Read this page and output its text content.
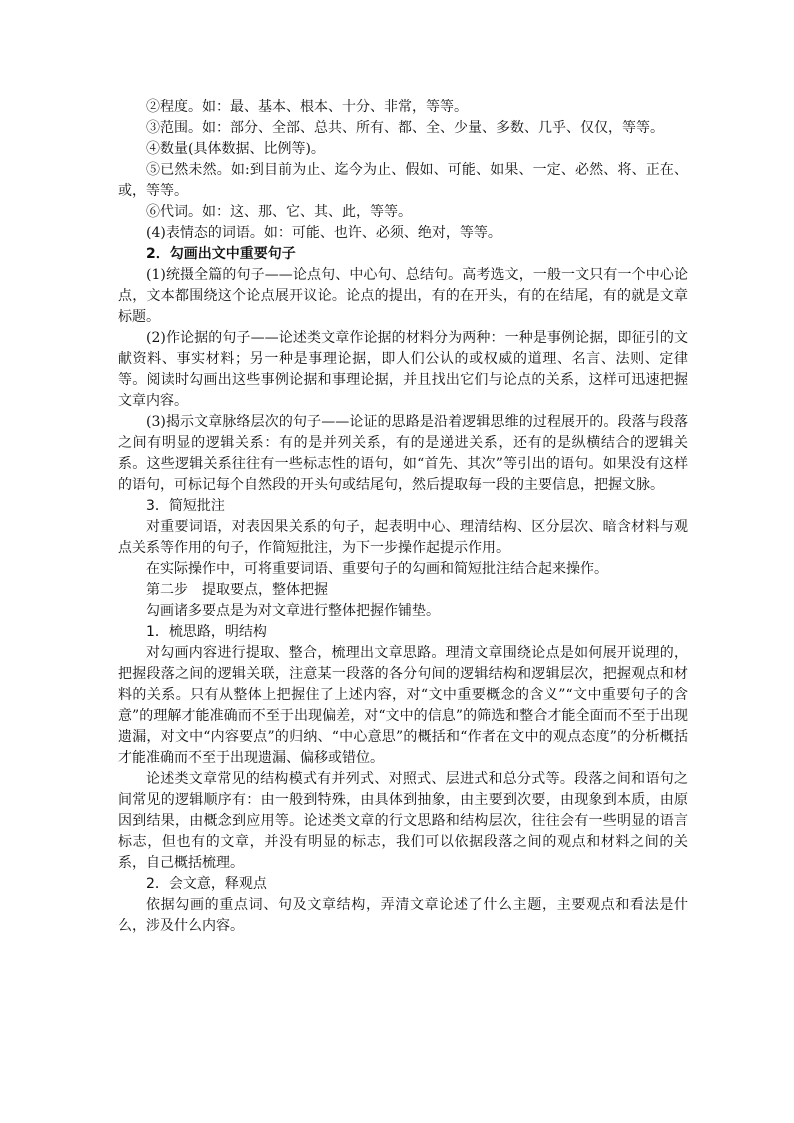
②程度。如：最、基本、根本、十分、非常，等等。

③范围。如：部分、全部、总共、所有、都、全、少量、多数、几乎、仅仅，等等。

④数量(具体数据、比例等)。

⑤已然未然。如:到目前为止、迄今为止、假如、可能、如果、一定、必然、将、正在、或，等等。

⑥代词。如：这、那、它、其、此，等等。

(4)表情态的词语。如：可能、也许、必须、绝对，等等。

2．勾画出文中重要句子

(1)统摄全篇的句子——论点句、中心句、总结句。高考选文，一般一文只有一个中心论点，文本都围绕这个论点展开议论。论点的提出，有的在开头，有的在结尾，有的就是文章标题。

(2)作论据的句子——论述类文章作论据的材料分为两种：一种是事例论据，即征引的文献资料、事实材料；另一种是事理论据，即人们公认的或权威的道理、名言、法则、定律等。阅读时勾画出这些事例论据和事理论据，并且找出它们与论点的关系，这样可迅速把握文章内容。

(3)揭示文章脉络层次的句子——论证的思路是沿着逻辑思维的过程展开的。段落与段落之间有明显的逻辑关系：有的是并列关系，有的是递进关系，还有的是纵横结合的逻辑关系。这些逻辑关系往往有一些标志性的语句，如“首先、其次”等引出的语句。如果没有这样的语句，可标记每个自然段的开头句或结尾句，然后提取每一段的主要信息，把握文脉。

3．简短批注

对重要词语，对表因果关系的句子，起表明中心、理清结构、区分层次、暗含材料与观点关系等作用的句子，作简短批注，为下一步操作起提示作用。

在实际操作中，可将重要词语、重要句子的勾画和简短批注结合起来操作。

第二步　提取要点，整体把握

勾画诸多要点是为对文章进行整体把握作铺垫。

1．梳思路，明结构

对勾画内容进行提取、整合，梳理出文章思路。理清文章围绕论点是如何展开说理的，把握段落之间的逻辑关联，注意某一段落的各分句间的逻辑结构和逻辑层次，把握观点和材料的关系。只有从整体上把握住了上述内容，对“文中重要概念的含义”“文中重要句子的含意”的理解才能准确而不至于出现偏差，对“文中的信息”的筛选和整合才能全面而不至于出现遗漏，对文中“内容要点”的归纳、“中心意思”的概括和“作者在文中的观点态度”的分析概括才能准确而不至于出现遗漏、偏移或错位。

论述类文章常见的结构模式有并列式、对照式、层进式和总分式等。段落之间和语句之间常见的逻辑顺序有：由一般到特殊，由具体到抽象，由主要到次要，由现象到本质，由原因到结果，由概念到应用等。论述类文章的行文思路和结构层次，往往会有一些明显的语言标志，但也有的文章，并没有明显的标志，我们可以依据段落之间的观点和材料之间的关系，自己概括梳理。

2．会文意，释观点

依据勾画的重点词、句及文章结构，弄清文章论述了什么主题，主要观点和看法是什么，涉及什么内容。
